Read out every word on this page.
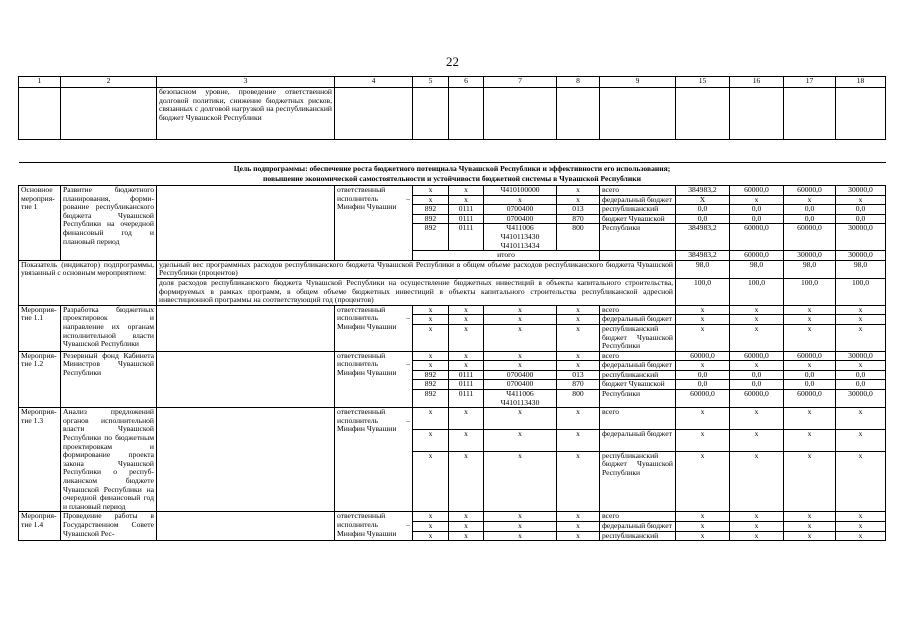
22
1	2	3	4	5	6	7	8	9	15	16	17	18
		безопасном уровне, проведение ответственной долговой политики, снижение бюджетных рисков, связанных с долговой нагрузкой на республиканский бюджет Чувашской Республики										

Цель подпрограммы: обеспечение роста бюджетного потенциала Чувашской Республики и эффективности его использования;
повышение экономической самостоятельности и устойчивости бюджетной системы в Чувашской Республики												

Основное мероприятие 1	Развитие бюджетного планирования, формирование республиканского бюджета Чувашской Республики на очередной финансовый год и плановый период		ответственный исполнитель – Минфин Чувашии	х	х	Ч410100000	х	всего	384983,2	60000,0	60000,0	30000,0
				х	х	х	х	федеральный бюджет	Х	х	х	х
				892	0111	0700400	013	республиканский	0,0	0,0	0,0	0,0
				892	0111	0700400	870	бюджет Чувашской	0,0	0,0	0,0	0,0
				892	0111	Ч411006 Ч410113430 Ч410113434	800	Республики	384983,2	60000,0	60000,0	30000,0
				итого					384983,2	60000,0	30000,0	30000,0
Показатель (индикатор) подпрограммы, увязанный с основным мероприятием:		удельный вес программных расходов республиканского бюджета Чувашской Республики в общем объеме расходов республиканского бюджета Чувашской Республики (процентов)							98,0	98,0	98,0	98,0
		доля расходов республиканского бюджета Чувашской Республики на осуществление бюджетных инвестиций в объекты капитального строительства, формируемых в рамках программ, в общем объеме бюджетных инвестиций в объекты капитального строительства республиканской адресной инвестиционной программы на соответствующий год (процентов)							100,0	100,0	100,0	100,0
Мероприятие 1.1	Разработка бюджетных проектировок и направление их органам исполнительной власти Чувашской Республики		ответственный исполнитель – Минфин Чувашии	х	х	х	х	всего	х	х	х	х
				х	х	х	х	федеральный бюджет	х	х	х	х
				х	х	х	х	республиканский бюджет Чувашской Республики	х	х	х	х
Мероприятие 1.2	Резервный фонд Кабинета Министров Чувашской Республики		ответственный исполнитель – Минфин Чувашии	х	х	х	х	всего	60000,0	60000,0	60000,0	30000,0
				х	х	х	х	федеральный бюджет	х	х	х	х
				892	0111	0700400	013	республиканский	0,0	0,0	0,0	0,0
				892	0111	0700400	870	бюджет Чувашской	0,0	0,0	0,0	0,0
				892	0111	Ч411006 Ч410113430	800	Республики	60000,0	60000,0	60000,0	30000,0
Мероприятие 1.3	Анализ предложений органов исполнительной власти Чувашской Республики по бюджетным проектировкам и формирование проекта закона Чувашской Республики о республиканском бюджете Чувашской Республики на очередной финансовый год и плановый период		ответственный исполнитель – Минфин Чувашии	х	х	х	х	всего	х	х	х	х
				х	х	х	х	федеральный бюджет	х	х	х	х
				х	х	х	х	республиканский бюджет Чувашской Республики	х	х	х	х
Мероприятие 1.4	Проведение работы в Государственном Совете Чувашской Рес-		ответственный исполнитель – Минфин Чувашии	х	х	х	х	всего	х	х	х	х
				х	х	х	х	федеральный бюджет	х	х	х	х
				х	х	х	х	республиканский	х	х	х	х
